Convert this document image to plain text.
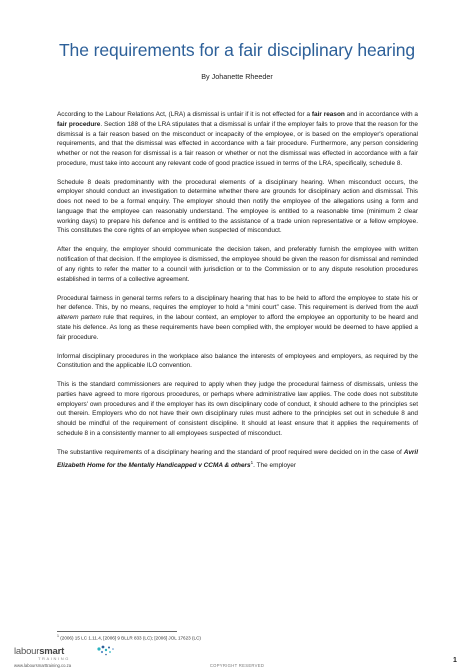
The requirements for a fair disciplinary hearing
By Johanette Rheeder

According to the Labour Relations Act, (LRA) a dismissal is unfair if it is not effected for a fair reason and in accordance with a fair procedure. Section 188 of the LRA stipulates that a dismissal is unfair if the employer fails to prove that the reason for the dismissal is a fair reason based on the misconduct or incapacity of the employee, or is based on the employer's operational requirements, and that the dismissal was effected in accordance with a fair procedure. Furthermore, any person considering whether or not the reason for dismissal is a fair reason or whether or not the dismissal was effected in accordance with a fair procedure, must take into account any relevant code of good practice issued in terms of the LRA, specifically, schedule 8.

Schedule 8 deals predominantly with the procedural elements of a disciplinary hearing. When misconduct occurs, the employer should conduct an investigation to determine whether there are grounds for disciplinary action and dismissal. This does not need to be a formal enquiry. The employer should then notify the employee of the allegations using a form and language that the employee can reasonably understand. The employee is entitled to a reasonable time (minimum 2 clear working days) to prepare his defence and is entitled to the assistance of a trade union representative or a fellow employee. This constitutes the core rights of an employee when suspected of misconduct.

After the enquiry, the employer should communicate the decision taken, and preferably furnish the employee with written notification of that decision. If the employee is dismissed, the employee should be given the reason for dismissal and reminded of any rights to refer the matter to a council with jurisdiction or to the Commission or to any dispute resolution procedures established in terms of a collective agreement.

Procedural fairness in general terms refers to a disciplinary hearing that has to be held to afford the employee to state his or her defence. This, by no means, requires the employer to hold a “mini court” case. This requirement is derived from the audi alterem partem rule that requires, in the labour context, an employer to afford the employee an opportunity to be heard and state his defence. As long as these requirements have been complied with, the employer would be deemed to have applied a fair procedure.

Informal disciplinary procedures in the workplace also balance the interests of employees and employers, as required by the Constitution and the applicable ILO convention.

This is the standard commissioners are required to apply when they judge the procedural fairness of dismissals, unless the parties have agreed to more rigorous procedures, or perhaps where administrative law applies. The code does not substitute employers' own procedures and if the employer has its own disciplinary code of conduct, it should adhere to the principles set out therein. Employers who do not have their own disciplinary rules must adhere to the principles set out in schedule 8 and should be mindful of the requirement of consistent discipline. It should at least ensure that it applies the requirements of schedule 8 in a consistently manner to all employees suspected of misconduct.

The substantive requirements of a disciplinary hearing and the standard of proof required were decided on in the case of Avril Elizabeth Home for the Mentally Handicapped v CCMA & others$^1$. The employer

$^1$ (2006) 15 LC 1.11.4, [2006] 9 BLLR 833 (LC); [2006] JOL 17623 (LC)
laboursmart
TRAINING
www.laboursmarttraining.co.za	COPYRIGHT RESERVED
1
